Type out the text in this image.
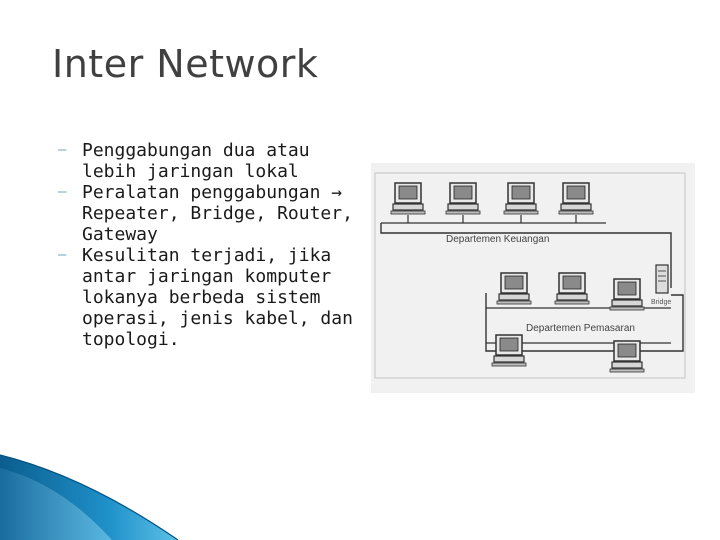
Inter Network
– Penggabungan dua atau lebih jaringan lokal
– Peralatan penggabungan → Repeater, Bridge, Router, Gateway
– Kesulitan terjadi, jika antar jaringan komputer lokanya berbeda sistem operasi, jenis kabel, dan topologi.
Departemen Keuangan
Bridge
Departemen Pemasaran
